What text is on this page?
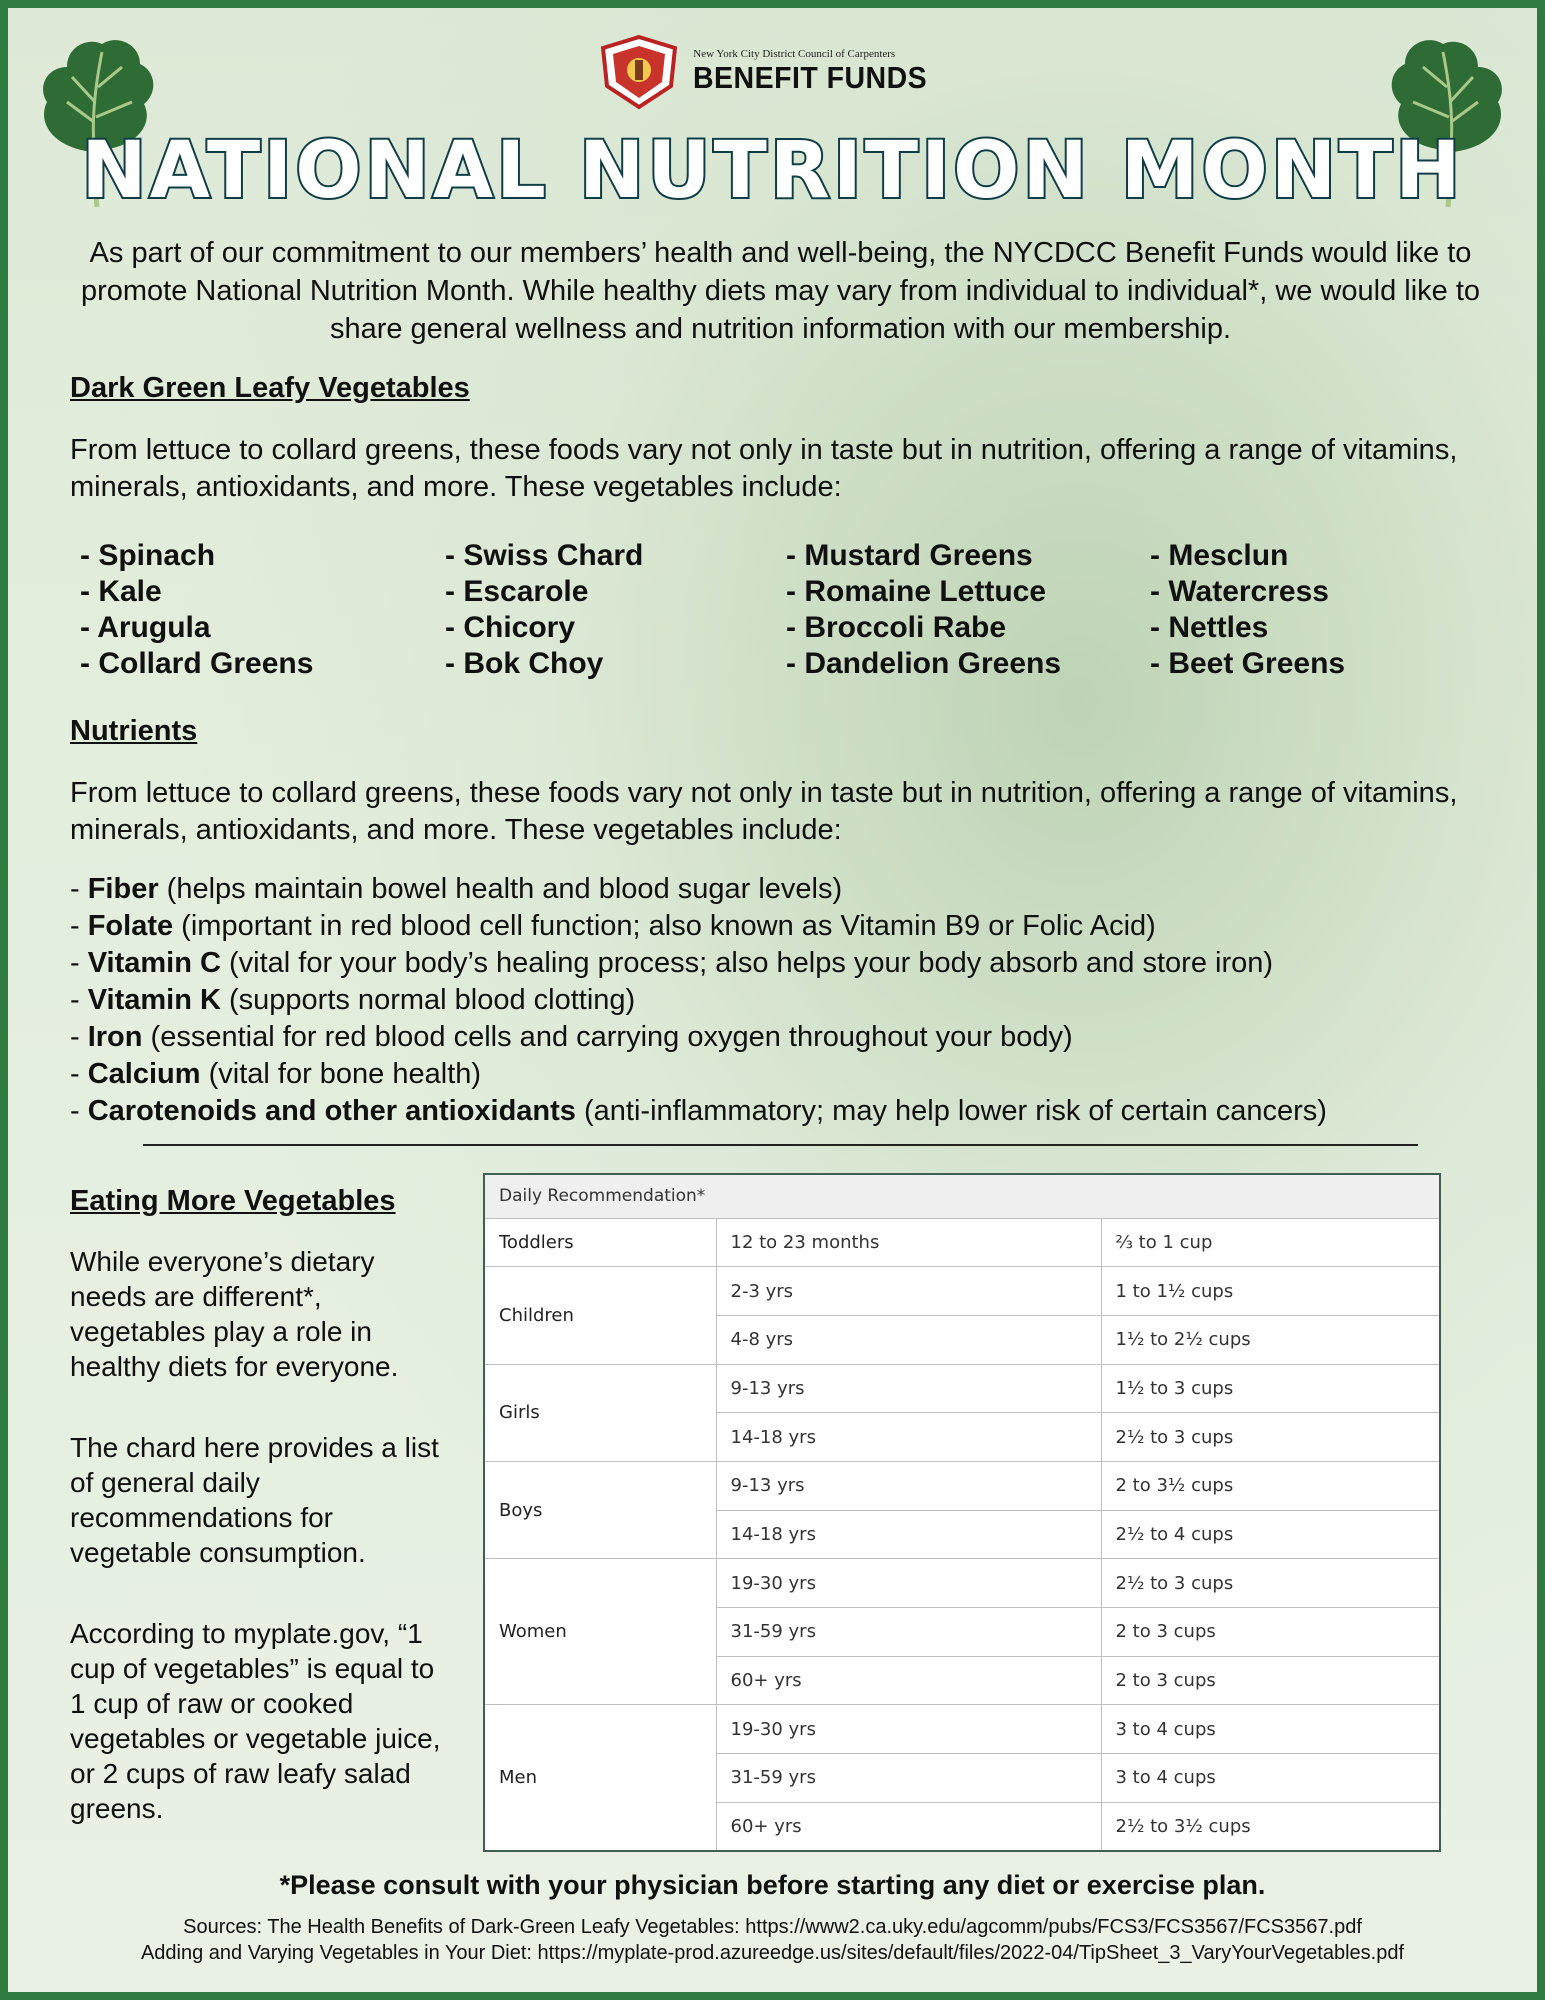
New York City District Council of Carpenters
BENEFIT FUNDS
NATIONAL NUTRITION MONTH

As part of our commitment to our members’ health and well-being, the NYCDCC Benefit Funds would like to promote National Nutrition Month. While healthy diets may vary from individual to individual*, we would like to share general wellness and nutrition information with our membership.

Dark Green Leafy Vegetables

From lettuce to collard greens, these foods vary not only in taste but in nutrition, offering a range of vitamins, minerals, antioxidants, and more. These vegetables include:

- Spinach
- Kale
- Arugula
- Collard Greens
- Swiss Chard
- Escarole
- Chicory
- Bok Choy
- Mustard Greens
- Romaine Lettuce
- Broccoli Rabe
- Dandelion Greens
- Mesclun
- Watercress
- Nettles
- Beet Greens
Nutrients

From lettuce to collard greens, these foods vary not only in taste but in nutrition, offering a range of vitamins, minerals, antioxidants, and more. These vegetables include:

- Fiber (helps maintain bowel health and blood sugar levels)
- Folate (important in red blood cell function; also known as Vitamin B9 or Folic Acid)
- Vitamin C (vital for your body’s healing process; also helps your body absorb and store iron)
- Vitamin K (supports normal blood clotting)
- Iron (essential for red blood cells and carrying oxygen throughout your body)
- Calcium (vital for bone health)
- Carotenoids and other antioxidants (anti-inflammatory; may help lower risk of certain cancers)
Eating More Vegetables

While everyone’s dietary needs are different*, vegetables play a role in healthy diets for everyone.

The chard here provides a list of general daily recommendations for vegetable consumption.

According to myplate.gov, “1 cup of vegetables” is equal to 1 cup of raw or cooked vegetables or vegetable juice, or 2 cups of raw leafy salad greens.

Daily Recommendation*		
Toddlers	12 to 23 months	⅔ to 1 cup
Children	2-3 yrs	1 to 1½ cups
	4-8 yrs	1½ to 2½ cups
Girls	9-13 yrs	1½ to 3 cups
	14-18 yrs	2½ to 3 cups
Boys	9-13 yrs	2 to 3½ cups
	14-18 yrs	2½ to 4 cups
Women	19-30 yrs	2½ to 3 cups
	31-59 yrs	2 to 3 cups
	60+ yrs	2 to 3 cups
Men	19-30 yrs	3 to 4 cups
	31-59 yrs	3 to 4 cups
	60+ yrs	2½ to 3½ cups
*Please consult with your physician before starting any diet or exercise plan.
Sources: The Health Benefits of Dark-Green Leafy Vegetables: https://www2.ca.uky.edu/agcomm/pubs/FCS3/FCS3567/FCS3567.pdf
Adding and Varying Vegetables in Your Diet: https://myplate-prod.azureedge.us/sites/default/files/2022-04/TipSheet_3_VaryYourVegetables.pdf
